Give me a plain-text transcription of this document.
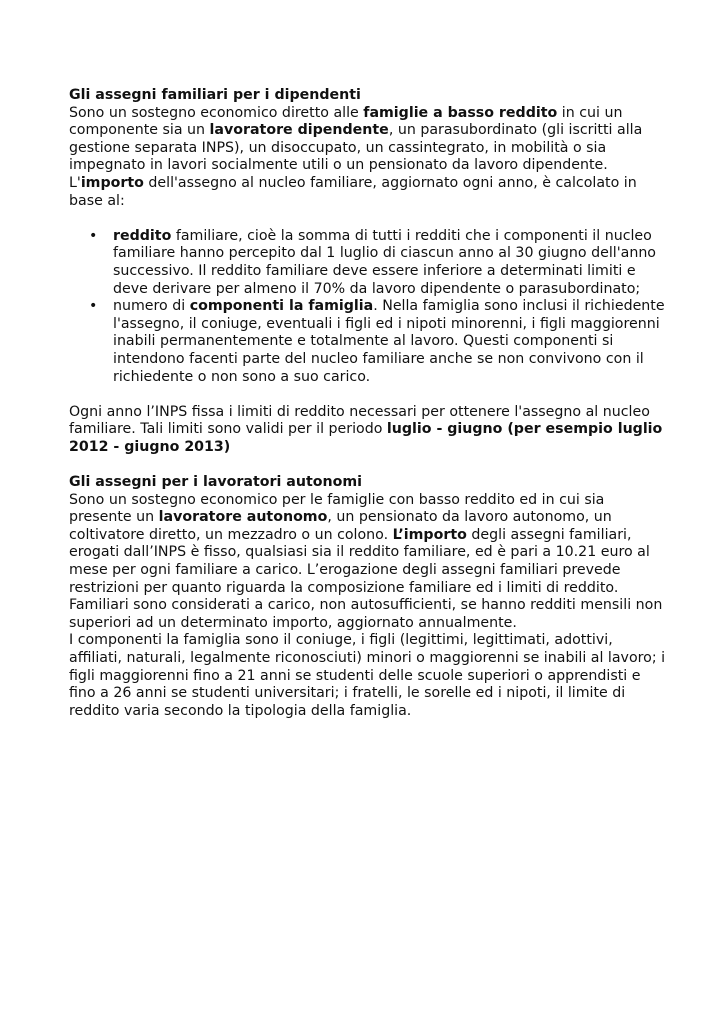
Gli assegni familiari per i dipendenti

Sono un sostegno economico diretto alle famiglie a basso reddito in cui un componente sia un lavoratore dipendente, un parasubordinato (gli iscritti alla gestione separata INPS), un disoccupato, un cassintegrato, in mobilità o sia impegnato in lavori socialmente utili o un pensionato da lavoro dipendente. L'importo dell'assegno al nucleo familiare, aggiornato ogni anno, è calcolato in base al:

• reddito familiare, cioè la somma di tutti i redditi che i componenti il nucleo familiare hanno percepito dal 1 luglio di ciascun anno al 30 giugno dell'anno successivo. Il reddito familiare deve essere inferiore a determinati limiti e deve derivare per almeno il 70% da lavoro dipendente o parasubordinato;
• numero di componenti la famiglia. Nella famiglia sono inclusi il richiedente l'assegno, il coniuge, eventuali i figli ed i nipoti minorenni, i figli maggiorenni inabili permanentemente e totalmente al lavoro. Questi componenti si intendono facenti parte del nucleo familiare anche se non convivono con il richiedente o non sono a suo carico.

Ogni anno l’INPS fissa i limiti di reddito necessari per ottenere l'assegno al nucleo familiare. Tali limiti sono validi per il periodo luglio - giugno (per esempio luglio 2012 - giugno 2013)

Gli assegni per i lavoratori autonomi

Sono un sostegno economico per le famiglie con basso reddito ed in cui sia presente un lavoratore autonomo, un pensionato da lavoro autonomo, un coltivatore diretto, un mezzadro o un colono. L’importo degli assegni familiari, erogati dall’INPS è fisso, qualsiasi sia il reddito familiare, ed è pari a 10.21 euro al mese per ogni familiare a carico. L’erogazione degli assegni familiari prevede restrizioni per quanto riguarda la composizione familiare ed i limiti di reddito.

Familiari sono considerati a carico, non autosufficienti, se hanno redditi mensili non superiori ad un determinato importo, aggiornato annualmente.

I componenti la famiglia sono il coniuge, i figli (legittimi, legittimati, adottivi, affiliati, naturali, legalmente riconosciuti) minori o maggiorenni se inabili al lavoro; i figli maggiorenni fino a 21 anni se studenti delle scuole superiori o apprendisti e fino a 26 anni se studenti universitari; i fratelli, le sorelle ed i nipoti, il limite di reddito varia secondo la tipologia della famiglia.
